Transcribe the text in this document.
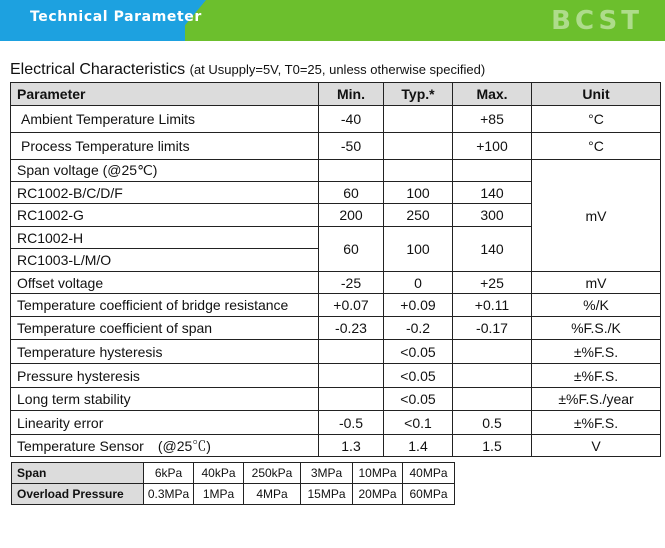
Technical Parameter	BCST
Electrical Characteristics (at Usupply=5V, T0=25, unless otherwise specified)
Parameter	Min.	Typ.*	Max.	Unit
Ambient Temperature Limits	-40		+85	°C
Process Temperature limits	-50		+100	°C
Span voltage (@25℃)				mV
RC1002-B/C/D/F	60	100	140	
RC1002-G	200	250	300	
RC1002-H	60	100	140	
RC1003-L/M/O				
Offset voltage	-25	0	+25	mV
Temperature coefficient of bridge resistance	+0.07	+0.09	+0.11	%/K
Temperature coefficient of span	-0.23	-0.2	-0.17	%F.S./K
Temperature hysteresis		<0.05		±%F.S.
Pressure hysteresis		<0.05		±%F.S.
Long term stability		<0.05		±%F.S./year
Linearity error	-0.5	<0.1	0.5	±%F.S.
Temperature Sensor　(@25℃)	1.3	1.4	1.5	V
Span	6kPa	40kPa	250kPa	3MPa	10MPa	40MPa
Overload Pressure	0.3MPa	1MPa	4MPa	15MPa	20MPa	60MPa
